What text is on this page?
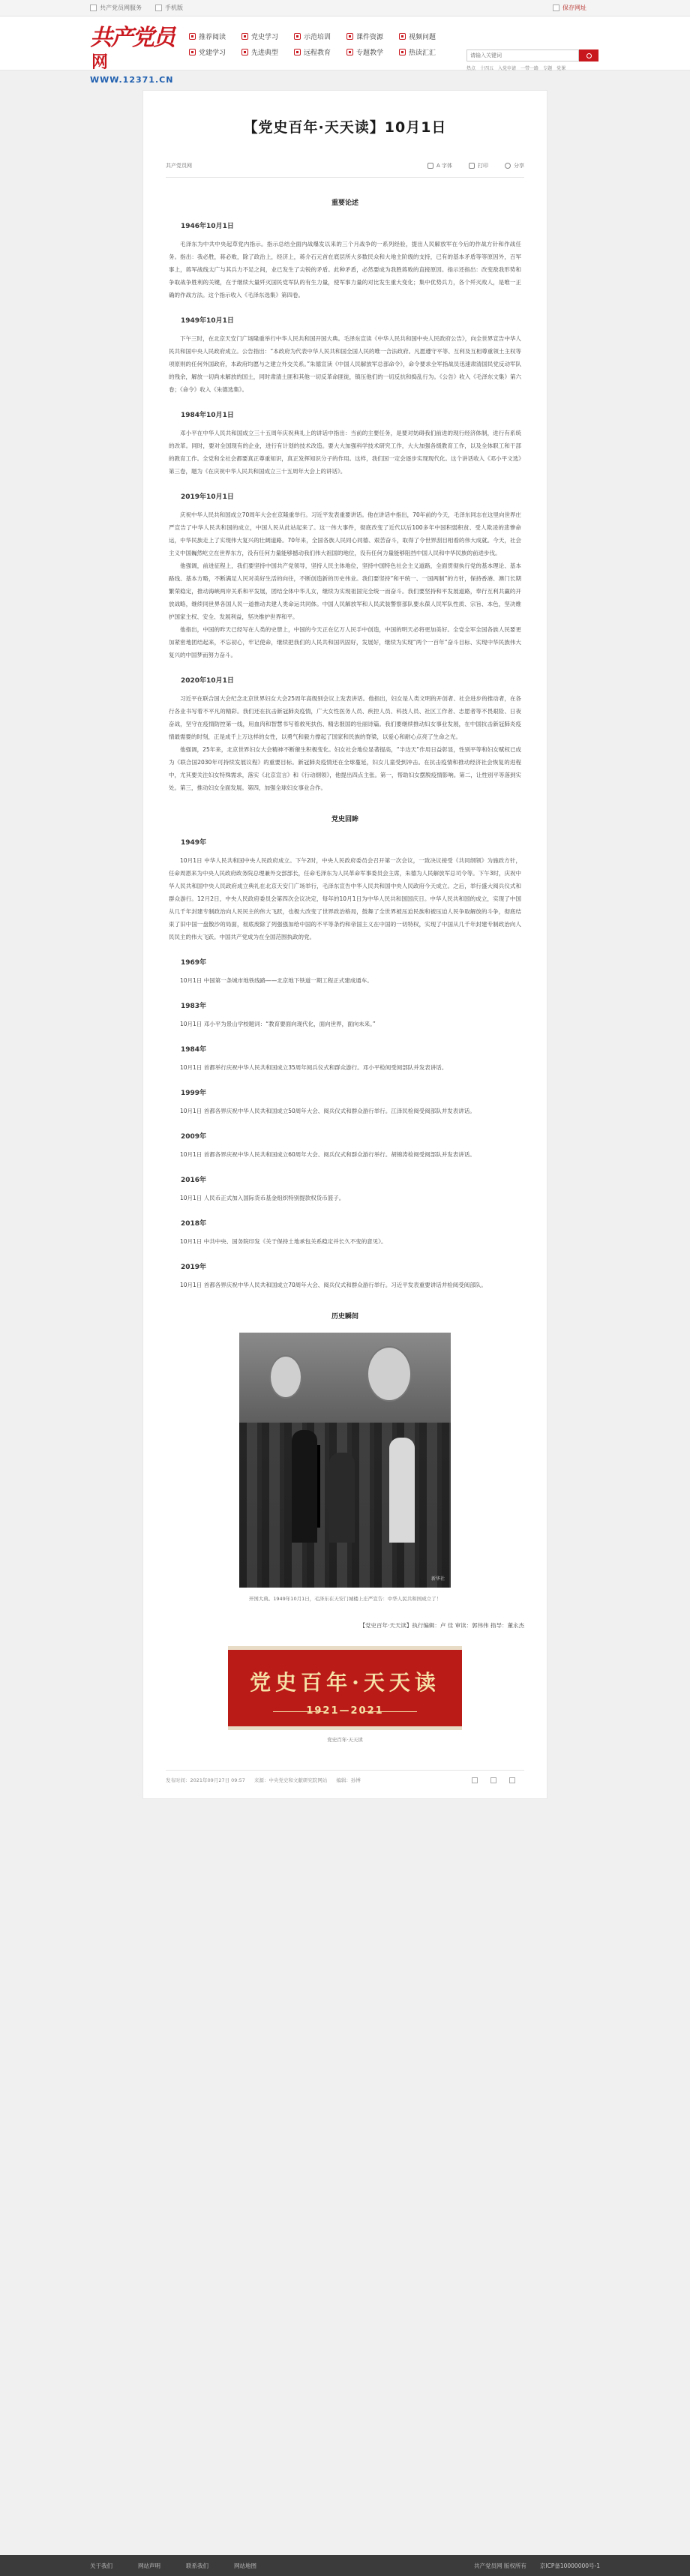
共产党员网服务	手机版	保存网址
共产党员网
WWW.12371.CN
推荐阅读	党史学习	示范培训	课件资源	视频问题
党建学习	先进典型	远程教育	专题教学	热读汇汇
请输入关键词
热点 十四五 入党申请 一带一路 专题 党课
【党史百年·天天读】10月1日
共产党员网	A 字体	打印	分享
重要论述
1946年10月1日

毛泽东为中共中央起草党内指示。指示总结全面内战爆发以来的三个月战争的一系列经验，提出人民解放军在今后的作战方针和作战任务。指出：我必胜，蒋必败，除了政治上，经济上，蒋介石元首在底层所大多数民众和大地主阶级的支持，已有的基本矛盾等等原因外，百军事上，蒋军战线太广与其兵力不足之间，业已发生了尖锐的矛盾。此种矛盾，必然要成为我胜蒋败的直接原因。指示还指出：改变敌我形势和争取战争胜利的关键，在于继续大量歼灭国民党军队的有生力量，使军事力量的对比发生重大变化；集中优势兵力，各个歼灭敌人，是唯一正确的作战方法。这个指示收入《毛泽东选集》第四卷。

1949年10月1日

下午三时，在北京天安门广场隆重举行中华人民共和国开国大典。毛泽东宣读《中华人民共和国中央人民政府公告》，向全世界宣告中华人民共和国中央人民政府成立。公告指出：“本政府为代表中华人民共和国全国人民的唯一合法政府。凡愿遵守平等、互利及互相尊重领土主权等项原则的任何外国政府，本政府均愿与之建立外交关系。”朱德宣读《中国人民解放军总部命令》，命令要求全军指战员迅速肃清国民党反动军队的残余，解放一切尚未解放的国土，同时肃清土匪和其他一切反革命匪徒，镇压他们的一切反抗和捣乱行为。《公告》收入《毛泽东文集》第六卷；《命令》收入《朱德选集》。

1984年10月1日

邓小平在中华人民共和国成立三十五周年庆祝典礼上的讲话中指出：当前的主要任务，是要对妨碍我们前进的现行经济体制，进行有系统的改革。同时，要对全国现有的企业，进行有计划的技术改造。要大大加强科学技术研究工作，大大加强各级教育工作，以及全体职工和干部的教育工作。全党和全社会都要真正尊重知识，真正发挥知识分子的作用。这样，我们国一定会逐步实现现代化。这个讲话收入《邓小平文选》第三卷，题为《在庆祝中华人民共和国成立三十五周年大会上的讲话》。

2019年10月1日

庆祝中华人民共和国成立70周年大会在京隆重举行。习近平发表重要讲话。他在讲话中指出，70年前的今天，毛泽东同志在这里向世界庄严宣告了中华人民共和国的成立，中国人民从此站起来了。这一伟大事件，彻底改变了近代以后100多年中国积弱积贫、受人欺凌的悲惨命运，中华民族走上了实现伟大复兴的壮阔道路。70年来，全国各族人民同心同德、艰苦奋斗，取得了令世界刮目相看的伟大成就。今天，社会主义中国巍然屹立在世界东方，没有任何力量能够撼动我们伟大祖国的地位，没有任何力量能够阻挡中国人民和中华民族的前进步伐。

他强调，前进征程上，我们要坚持中国共产党领导，坚持人民主体地位，坚持中国特色社会主义道路，全面贯彻执行党的基本理论、基本路线、基本方略，不断满足人民对美好生活的向往，不断创造新的历史伟业。我们要坚持“和平统一、一国两制”的方针，保持香港、澳门长期繁荣稳定，推动海峡两岸关系和平发展，团结全体中华儿女，继续为实现祖国完全统一而奋斗。我们要坚持和平发展道路，奉行互利共赢的开放战略，继续同世界各国人民一道推动共建人类命运共同体。中国人民解放军和人民武装警察部队要永葆人民军队性质、宗旨、本色，坚决维护国家主权、安全、发展利益，坚决维护世界和平。

他指出，中国的昨天已经写在人类的史册上，中国的今天正在亿万人民手中创造，中国的明天必将更加美好。全党全军全国各族人民要更加紧密地团结起来，不忘初心，牢记使命，继续把我们的人民共和国巩固好，发展好，继续为实现“两个一百年”奋斗目标、实现中华民族伟大复兴的中国梦而努力奋斗。

2020年10月1日

习近平在联合国大会纪念北京世界妇女大会25周年高级别会议上发表讲话。他指出，妇女是人类文明的开创者、社会进步的推动者，在各行各业书写着不平凡的精彩。我们还在抗击新冠肺炎疫情，广大女性医务人员、疾控人员、科技人员、社区工作者、志愿者等不畏艰险、日夜奋战，坚守在疫情防控第一线，用血肉和智慧书写着救死扶伤、精忠报国的壮丽诗篇。我们要继续推动妇女事业发展，在中国抗击新冠肺炎疫情最需要的时刻，正是成千上万这样的女性，以勇气和毅力撑起了国家和民族的脊梁，以爱心和耐心点亮了生命之光。

他强调，25年来，北京世界妇女大会精神不断催生积极变化。妇女社会地位显著提高，“半边天”作用日益彰显，性别平等和妇女赋权已成为《联合国2030年可持续发展议程》的重要目标。新冠肺炎疫情还在全球蔓延，妇女儿童受到冲击。在抗击疫情和推动经济社会恢复的进程中，尤其要关注妇女特殊需求，落实《北京宣言》和《行动纲领》，他提出四点主张。第一，帮助妇女摆脱疫情影响。第二，让性别平等落到实处。第三，推动妇女全面发展。第四，加强全球妇女事业合作。

党史回眸
1949年

10月1日 中华人民共和国中央人民政府成立。下午2时，中央人民政府委员会召开第一次会议，一致决议接受《共同纲领》为施政方针，任命周恩来为中央人民政府政务院总理兼外交部部长，任命毛泽东为人民革命军事委员会主席，朱德为人民解放军总司令等。下午3时，庆祝中华人民共和国中央人民政府成立典礼在北京天安门广场举行，毛泽东宣告中华人民共和国中央人民政府今天成立。之后，举行盛大阅兵仪式和群众游行。12月2日，中央人民政府委员会第四次会议决定，每年的10月1日为中华人民共和国国庆日。中华人民共和国的成立，实现了中国从几千年封建专制政治向人民民主的伟大飞跃，也极大改变了世界政治格局，鼓舞了全世界被压迫民族和被压迫人民争取解放的斗争，彻底结束了旧中国一盘散沙的局面，彻底废除了列强强加给中国的不平等条约和帝国主义在中国的一切特权，实现了中国从几千年封建专制政治向人民民主的伟大飞跃。中国共产党成为在全国范围执政的党。

1969年

10月1日 中国第一条城市地铁线路——北京地下铁道一期工程正式建成通车。

1983年

10月1日 邓小平为景山学校题词：“教育要面向现代化，面向世界，面向未来。”

1984年

10月1日 首都举行庆祝中华人民共和国成立35周年阅兵仪式和群众游行。邓小平检阅受阅部队并发表讲话。

1999年

10月1日 首都各界庆祝中华人民共和国成立50周年大会、阅兵仪式和群众游行举行。江泽民检阅受阅部队并发表讲话。

2009年

10月1日 首都各界庆祝中华人民共和国成立60周年大会、阅兵仪式和群众游行举行。胡锦涛检阅受阅部队并发表讲话。

2016年

10月1日 人民币正式加入国际货币基金组织特别提款权货币篮子。

2018年

10月1日 中共中央、国务院印发《关于保持土地承包关系稳定并长久不变的意见》。

2019年

10月1日 首都各界庆祝中华人民共和国成立70周年大会、阅兵仪式和群众游行举行。习近平发表重要讲话并检阅受阅部队。

历史瞬间
新华社
开国大典。1949年10月1日，毛泽东在天安门城楼上庄严宣告：中华人民共和国成立了！
【党史百年·天天读】执行编辑：卢 佳 审读：郭伟伟 指导：董永杰
党史百年·天天读
1921—2021
党史百年·天天读
发布时间：2021年09月27日 09:57 来源：中央党史和文献研究院网站 编辑：孙博
关于我们	网站声明	联系我们	网站地图	共产党员网 版权所有 京ICP备10000000号-1
